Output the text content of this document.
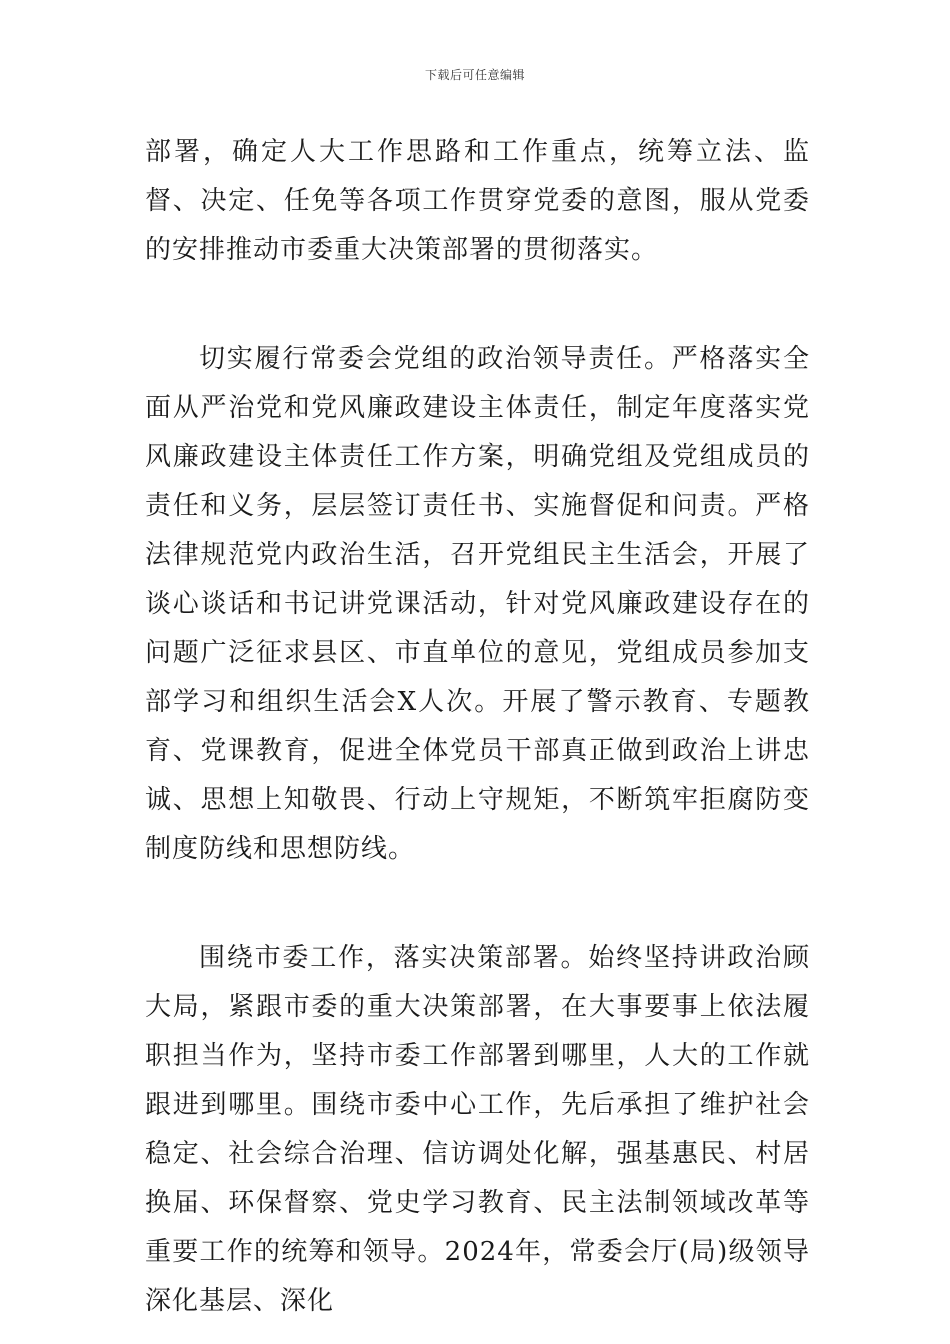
下载后可任意编辑

部署，确定人大工作思路和工作重点，统筹立法、监督、决定、任免等各项工作贯穿党委的意图，服从党委的安排推动市委重大决策部署的贯彻落实。

切实履行常委会党组的政治领导责任。严格落实全面从严治党和党风廉政建设主体责任，制定年度落实党风廉政建设主体责任工作方案，明确党组及党组成员的责任和义务，层层签订责任书、实施督促和问责。严格法律规范党内政治生活，召开党组民主生活会，开展了谈心谈话和书记讲党课活动，针对党风廉政建设存在的问题广泛征求县区、市直单位的意见，党组成员参加支部学习和组织生活会X人次。开展了警示教育、专题教育、党课教育，促进全体党员干部真正做到政治上讲忠诚、思想上知敬畏、行动上守规矩，不断筑牢拒腐防变制度防线和思想防线。

围绕市委工作，落实决策部署。始终坚持讲政治顾大局，紧跟市委的重大决策部署，在大事要事上依法履职担当作为，坚持市委工作部署到哪里，人大的工作就跟进到哪里。围绕市委中心工作，先后承担了维护社会稳定、社会综合治理、信访调处化解，强基惠民、村居换届、环保督察、党史学习教育、民主法制领域改革等重要工作的统筹和领导。2024年，常委会厅(局)级领导深化基层、深化
